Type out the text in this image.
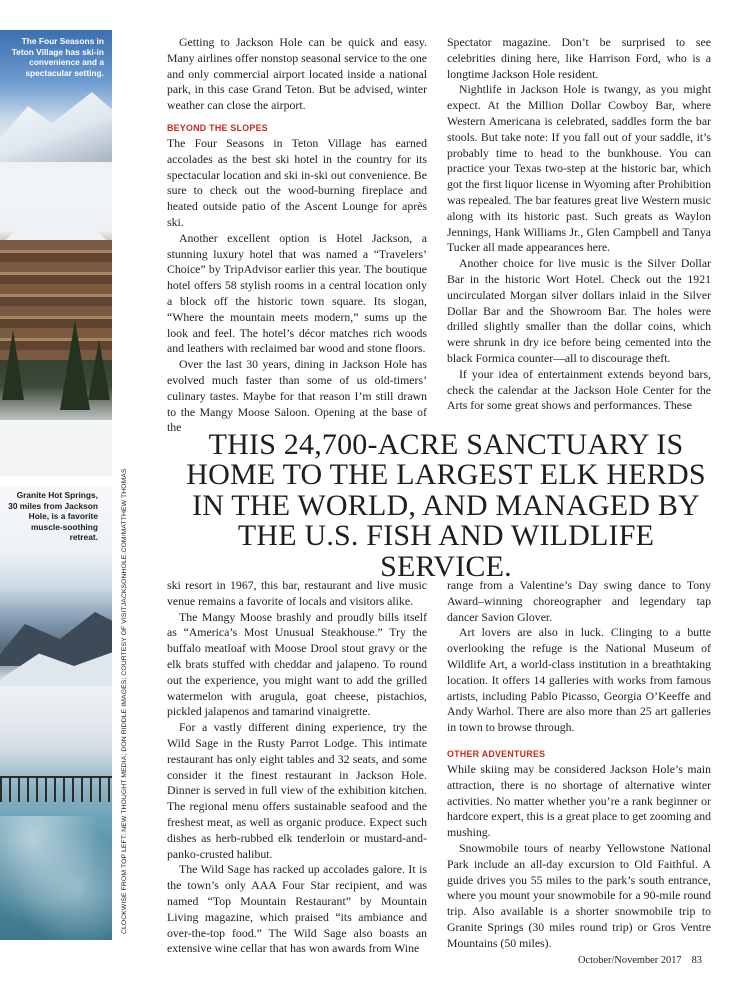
The Four Seasons in Teton Village has ski-in convenience and a spectacular setting.
Granite Hot Springs, 30 miles from Jackson Hole, is a favorite muscle-soothing retreat.	CLOCKWISE FROM TOP LEFT: NEW THOUGHT MEDIA; DON RIDDLE IMAGES; COURTESY OF VISITJACKSONHOLE.COM/MATTHEW THOMAS

Getting to Jackson Hole can be quick and easy. Many airlines offer nonstop seasonal service to the one and only commercial airport located inside a national park, in this case Grand Teton. But be advised, winter weather can close the airport.

BEYOND THE SLOPES

The Four Seasons in Teton Village has earned accolades as the best ski hotel in the country for its spectacular location and ski in-ski out convenience. Be sure to check out the wood-burning fireplace and heated outside patio of the Ascent Lounge for après ski.

Another excellent option is Hotel Jackson, a stunning luxury hotel that was named a “Travelers’ Choice” by TripAdvisor earlier this year. The boutique hotel offers 58 stylish rooms in a central location only a block off the historic town square. Its slogan, “Where the mountain meets modern,” sums up the look and feel. The hotel’s décor matches rich woods and leathers with reclaimed bar wood and stone floors.

Over the last 30 years, dining in Jackson Hole has evolved much faster than some of us old-timers’ culinary tastes. Maybe for that reason I’m still drawn to the Mangy Moose Saloon. Opening at the base of the

Spectator magazine. Don’t be surprised to see celebrities dining here, like Harrison Ford, who is a longtime Jackson Hole resident.

Nightlife in Jackson Hole is twangy, as you might expect. At the Million Dollar Cowboy Bar, where Western Americana is celebrated, saddles form the bar stools. But take note: If you fall out of your saddle, it’s probably time to head to the bunkhouse. You can practice your Texas two-step at the historic bar, which got the first liquor license in Wyoming after Prohibition was repealed. The bar features great live Western music along with its historic past. Such greats as Waylon Jennings, Hank Williams Jr., Glen Campbell and Tanya Tucker all made appearances here.

Another choice for live music is the Silver Dollar Bar in the historic Wort Hotel. Check out the 1921 uncirculated Morgan silver dollars inlaid in the Silver Dollar Bar and the Showroom Bar. The holes were drilled slightly smaller than the dollar coins, which were shrunk in dry ice before being cemented into the black Formica counter—all to discourage theft.

If your idea of entertainment extends beyond bars, check the calendar at the Jackson Hole Center for the Arts for some great shows and performances. These

THIS 24,700-ACRE SANCTUARY IS HOME TO THE LARGEST ELK HERDS IN THE WORLD, AND MANAGED BY THE U.S. FISH AND WILDLIFE SERVICE.

ski resort in 1967, this bar, restaurant and live music venue remains a favorite of locals and visitors alike.

The Mangy Moose brashly and proudly bills itself as “America’s Most Unusual Steakhouse.” Try the buffalo meatloaf with Moose Drool stout gravy or the elk brats stuffed with cheddar and jalapeno. To round out the experience, you might want to add the grilled watermelon with arugula, goat cheese, pistachios, pickled jalapenos and tamarind vinaigrette.

For a vastly different dining experience, try the Wild Sage in the Rusty Parrot Lodge. This intimate restaurant has only eight tables and 32 seats, and some consider it the finest restaurant in Jackson Hole. Dinner is served in full view of the exhibition kitchen. The regional menu offers sustainable seafood and the freshest meat, as well as organic produce. Expect such dishes as herb-rubbed elk tenderloin or mustard-and-panko-crusted halibut.

The Wild Sage has racked up accolades galore. It is the town’s only AAA Four Star recipient, and was named “Top Mountain Restaurant” by Mountain Living magazine, which praised “its ambiance and over-the-top food.” The Wild Sage also boasts an extensive wine cellar that has won awards from Wine

range from a Valentine’s Day swing dance to Tony Award–winning choreographer and legendary tap dancer Savion Glover.

Art lovers are also in luck. Clinging to a butte overlooking the refuge is the National Museum of Wildlife Art, a world-class institution in a breathtaking location. It offers 14 galleries with works from famous artists, including Pablo Picasso, Georgia O’Keeffe and Andy Warhol. There are also more than 25 art galleries in town to browse through.

OTHER ADVENTURES

While skiing may be considered Jackson Hole’s main attraction, there is no shortage of alternative winter activities. No matter whether you’re a rank beginner or hardcore expert, this is a great place to get zooming and mushing.

Snowmobile tours of nearby Yellowstone National Park include an all-day excursion to Old Faithful. A guide drives you 55 miles to the park’s south entrance, where you mount your snowmobile for a 90-mile round trip. Also available is a shorter snowmobile trip to Granite Springs (30 miles round trip) or Gros Ventre Mountains (50 miles).

October/November 2017 83
